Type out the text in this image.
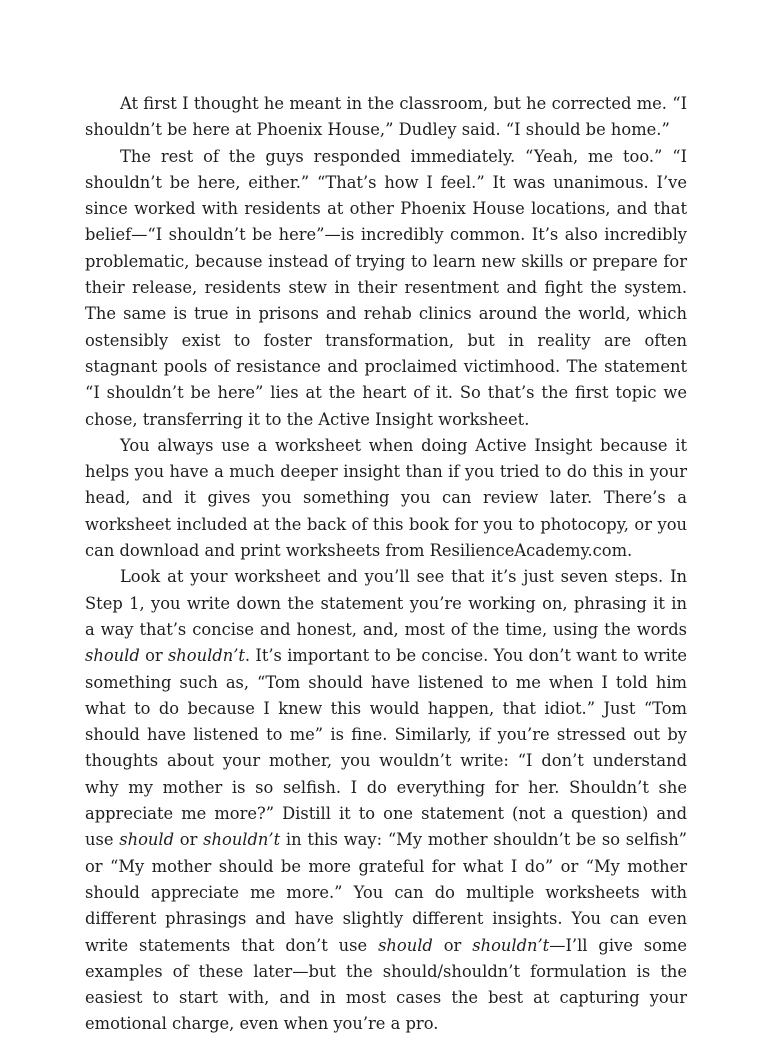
At first I thought he meant in the classroom, but he corrected me. “I shouldn’t be here at Phoenix House,” Dudley said. “I should be home.”

The rest of the guys responded immediately. “Yeah, me too.” “I shouldn’t be here, either.” “That’s how I feel.” It was unanimous. I’ve since worked with residents at other Phoenix House locations, and that belief—“I shouldn’t be here”—is incredibly common. It’s also incredibly problematic, because instead of trying to learn new skills or prepare for their release, residents stew in their resentment and fight the system. The same is true in prisons and rehab clinics around the world, which ostensibly exist to foster transformation, but in reality are often stagnant pools of resistance and proclaimed victimhood. The statement “I shouldn’t be here” lies at the heart of it. So that’s the first topic we chose, transferring it to the Active Insight worksheet.

You always use a worksheet when doing Active Insight because it helps you have a much deeper insight than if you tried to do this in your head, and it gives you something you can review later. There’s a worksheet included at the back of this book for you to photocopy, or you can download and print worksheets from ResilienceAcademy.com.

Look at your worksheet and you’ll see that it’s just seven steps. In Step 1, you write down the statement you’re working on, phrasing it in a way that’s concise and honest, and, most of the time, using the words should or shouldn’t. It’s important to be concise. You don’t want to write something such as, “Tom should have listened to me when I told him what to do because I knew this would happen, that idiot.” Just “Tom should have listened to me” is fine. Similarly, if you’re stressed out by thoughts about your mother, you wouldn’t write: “I don’t understand why my mother is so selfish. I do everything for her. Shouldn’t she appreciate me more?” Distill it to one statement (not a question) and use should or shouldn’t in this way: “My mother shouldn’t be so selfish” or “My mother should be more grateful for what I do” or “My mother should appreciate me more.” You can do multiple worksheets with different phrasings and have slightly different insights. You can even write statements that don’t use should or shouldn’t—I’ll give some examples of these later—but the should/shouldn’t formulation is the easiest to start with, and in most cases the best at capturing your emotional charge, even when you’re a pro.
